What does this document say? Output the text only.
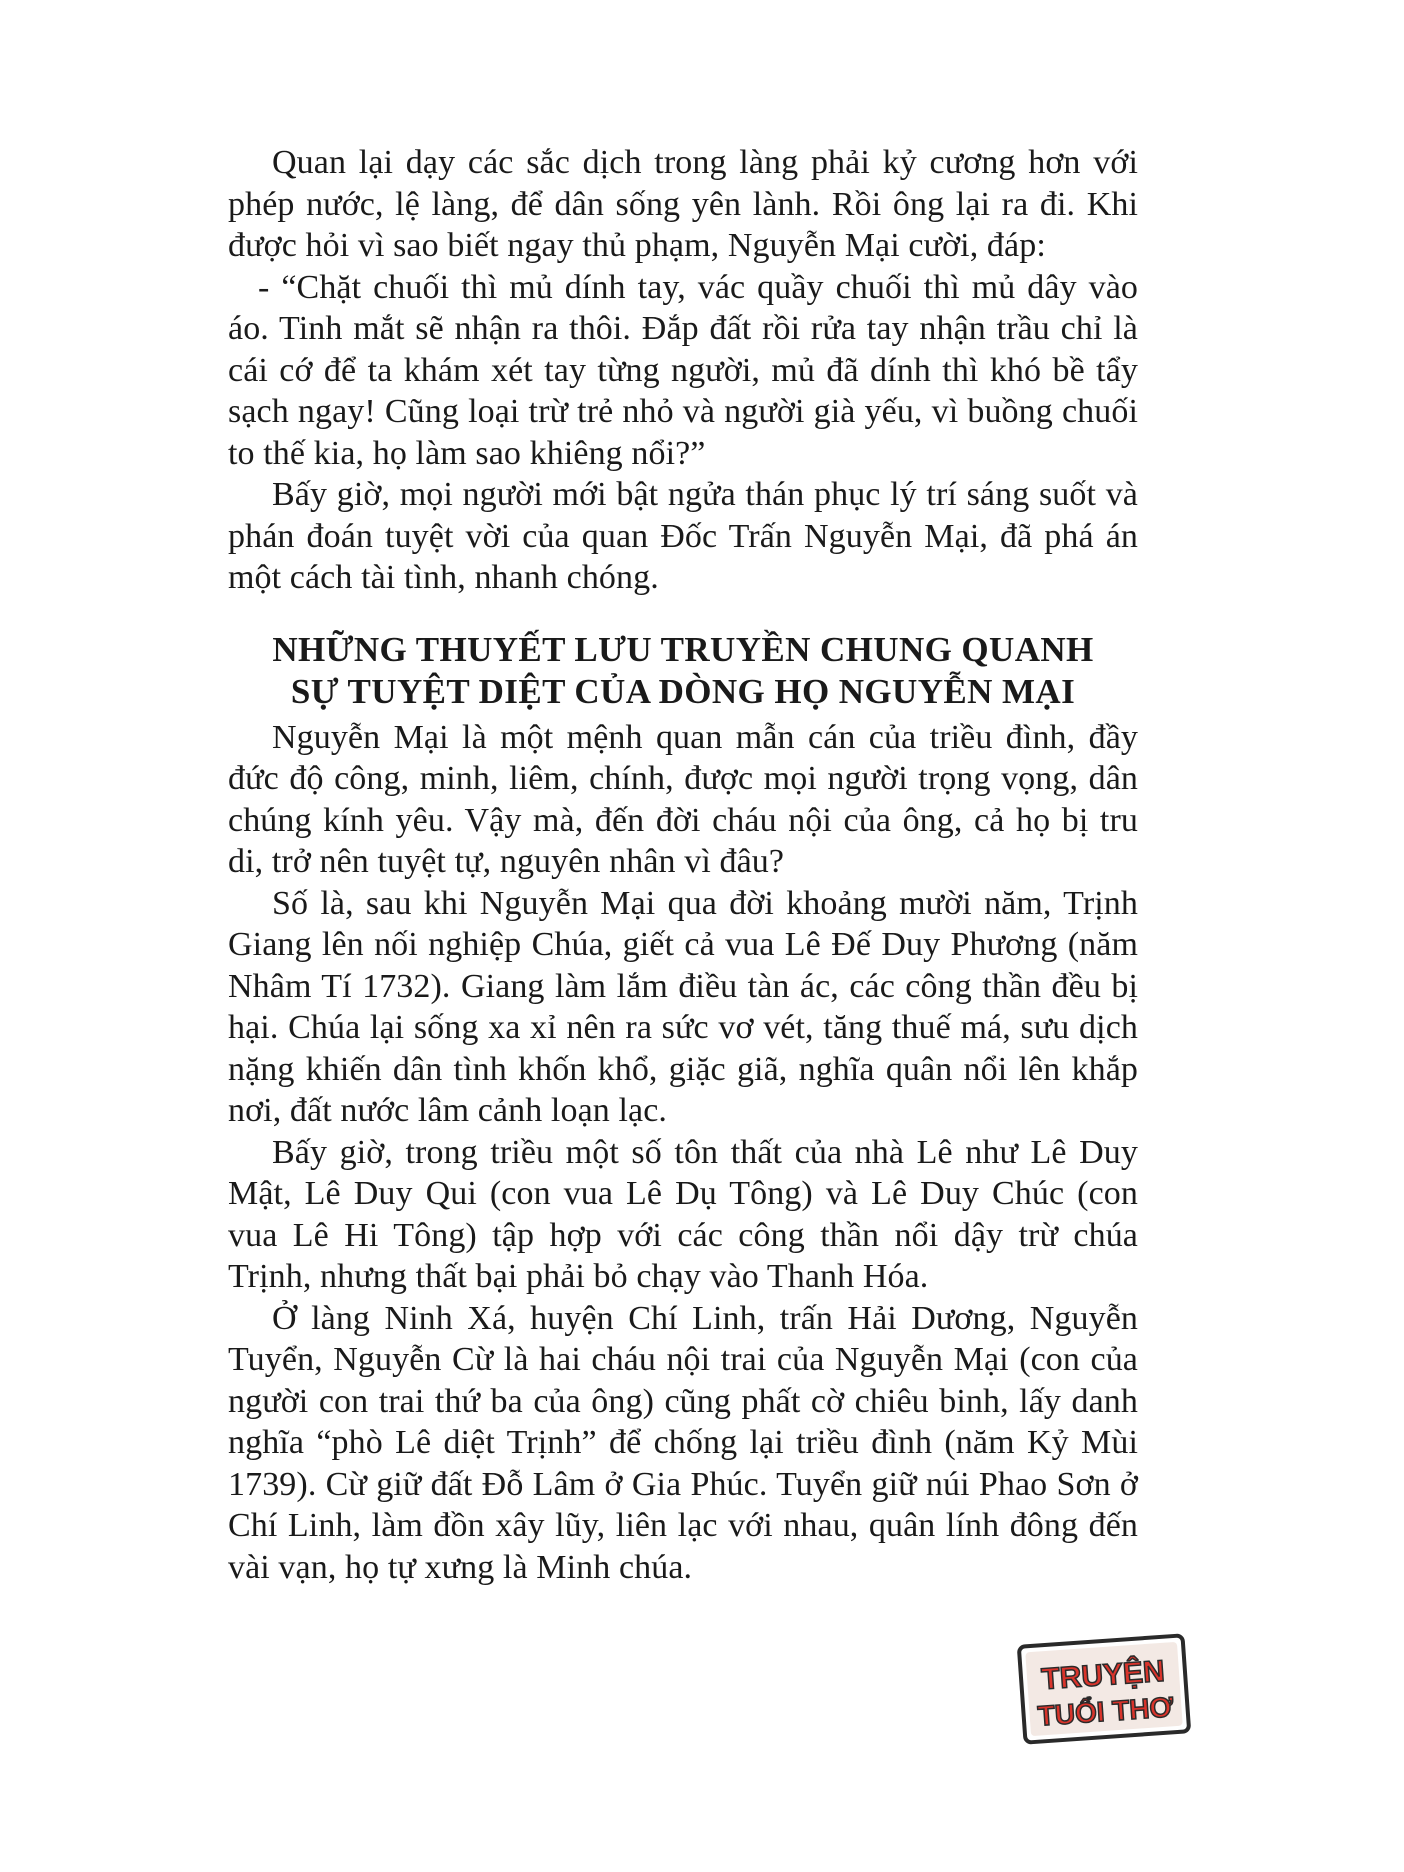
Quan lại dạy các sắc dịch trong làng phải kỷ cương hơn với phép nước, lệ làng, để dân sống yên lành. Rồi ông lại ra đi. Khi được hỏi vì sao biết ngay thủ phạm, Nguyễn Mại cười, đáp:

- “Chặt chuối thì mủ dính tay, vác quầy chuối thì mủ dây vào áo. Tinh mắt sẽ nhận ra thôi. Đắp đất rồi rửa tay nhận trầu chỉ là cái cớ để ta khám xét tay từng người, mủ đã dính thì khó bề tẩy sạch ngay! Cũng loại trừ trẻ nhỏ và người già yếu, vì buồng chuối to thế kia, họ làm sao khiêng nổi?”

Bấy giờ, mọi người mới bật ngửa thán phục lý trí sáng suốt và phán đoán tuyệt vời của quan Đốc Trấn Nguyễn Mại, đã phá án một cách tài tình, nhanh chóng.

NHỮNG THUYẾT LƯU TRUYỀN CHUNG QUANH
SỰ TUYỆT DIỆT CỦA DÒNG HỌ NGUYỄN MẠI

Nguyễn Mại là một mệnh quan mẫn cán của triều đình, đầy đức độ công, minh, liêm, chính, được mọi người trọng vọng, dân chúng kính yêu. Vậy mà, đến đời cháu nội của ông, cả họ bị tru di, trở nên tuyệt tự, nguyên nhân vì đâu?

Số là, sau khi Nguyễn Mại qua đời khoảng mười năm, Trịnh Giang lên nối nghiệp Chúa, giết cả vua Lê Đế Duy Phương (năm Nhâm Tí 1732). Giang làm lắm điều tàn ác, các công thần đều bị hại. Chúa lại sống xa xỉ nên ra sức vơ vét, tăng thuế má, sưu dịch nặng khiến dân tình khốn khổ, giặc giã, nghĩa quân nổi lên khắp nơi, đất nước lâm cảnh loạn lạc.

Bấy giờ, trong triều một số tôn thất của nhà Lê như Lê Duy Mật, Lê Duy Qui (con vua Lê Dụ Tông) và Lê Duy Chúc (con vua Lê Hi Tông) tập hợp với các công thần nổi dậy trừ chúa Trịnh, nhưng thất bại phải bỏ chạy vào Thanh Hóa.

Ở làng Ninh Xá, huyện Chí Linh, trấn Hải Dương, Nguyễn Tuyển, Nguyễn Cừ là hai cháu nội trai của Nguyễn Mại (con của người con trai thứ ba của ông) cũng phất cờ chiêu binh, lấy danh nghĩa “phò Lê diệt Trịnh” để chống lại triều đình (năm Kỷ Mùi 1739). Cừ giữ đất Đỗ Lâm ở Gia Phúc. Tuyển giữ núi Phao Sơn ở Chí Linh, làm đồn xây lũy, liên lạc với nhau, quân lính đông đến vài vạn, họ tự xưng là Minh chúa.

TRUYỆN
TUỔI THƠ
